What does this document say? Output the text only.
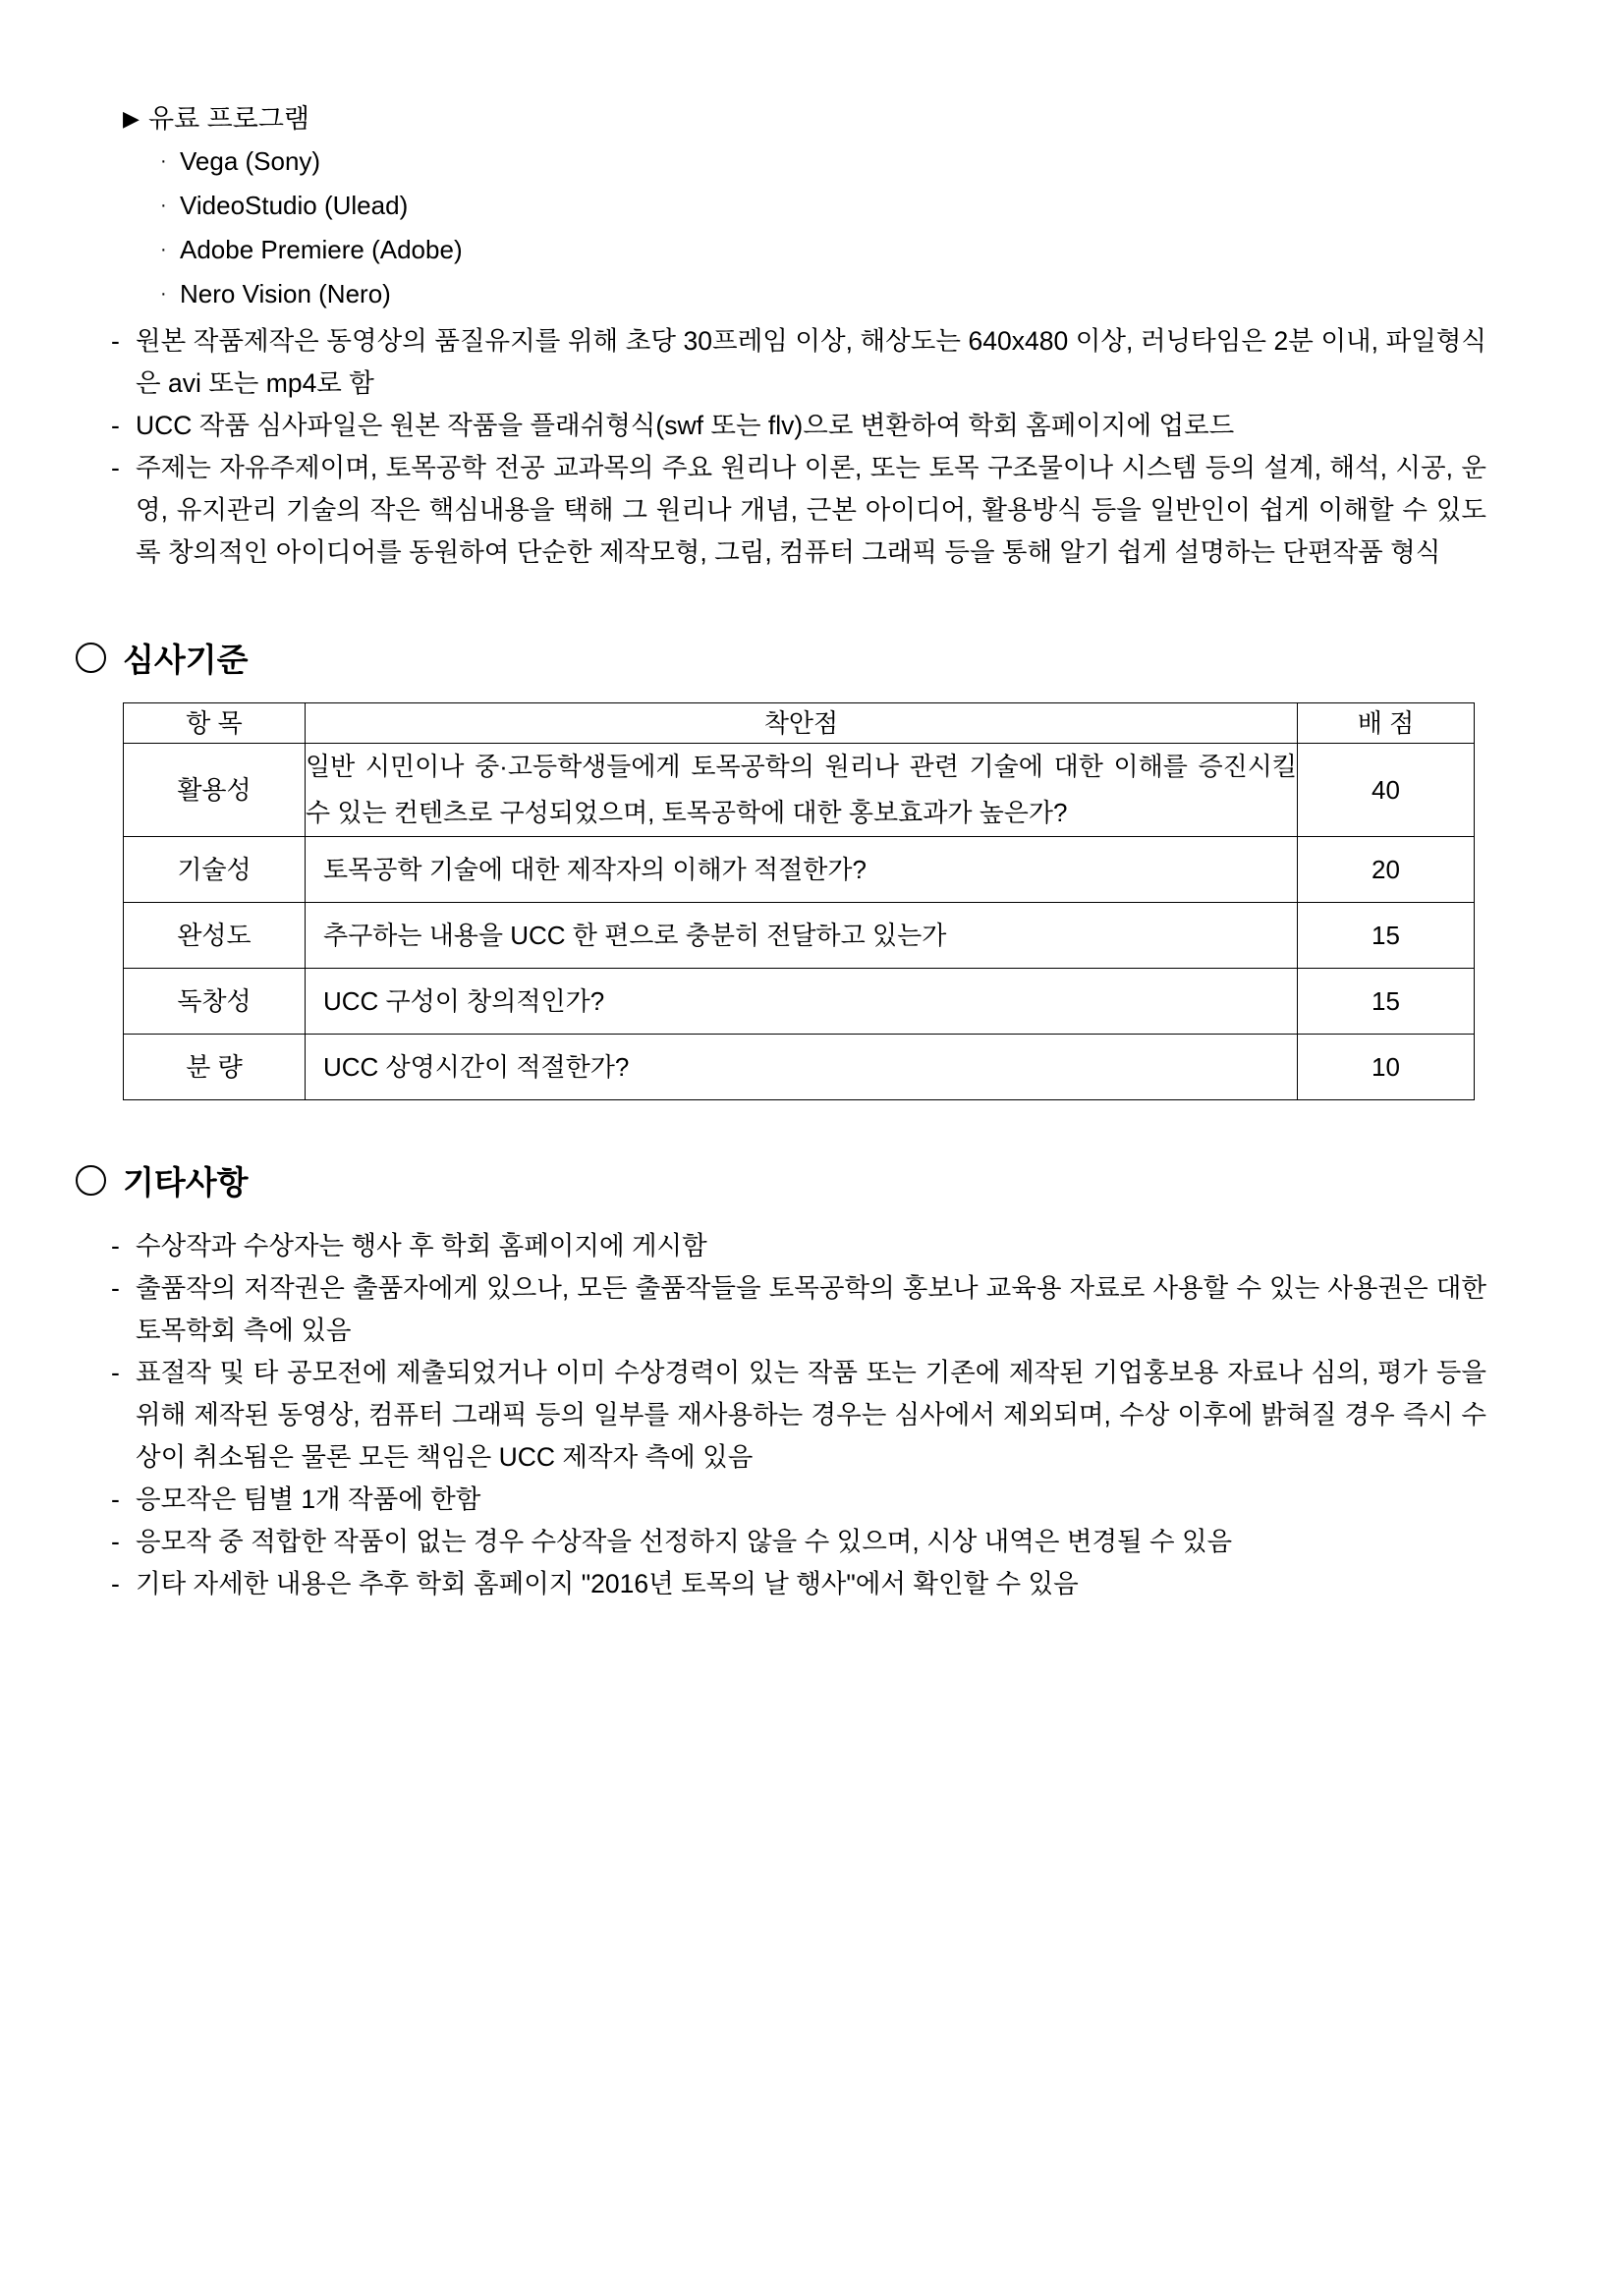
▶ 유료 프로그램
· Vega (Sony)
· VideoStudio (Ulead)
· Adobe Premiere (Adobe)
· Nero Vision (Nero)
- 원본 작품제작은 동영상의 품질유지를 위해 초당 30프레임 이상, 해상도는 640x480 이상, 러닝타임은 2분 이내, 파일형식은 avi 또는 mp4로 함
- UCC 작품 심사파일은 원본 작품을 플래쉬형식(swf 또는 flv)으로 변환하여 학회 홈페이지에 업로드
- 주제는 자유주제이며, 토목공학 전공 교과목의 주요 원리나 이론, 또는 토목 구조물이나 시스템 등의 설계, 해석, 시공, 운영, 유지관리 기술의 작은 핵심내용을 택해 그 원리나 개념, 근본 아이디어, 활용방식 등을 일반인이 쉽게 이해할 수 있도록 창의적인 아이디어를 동원하여 단순한 제작모형, 그림, 컴퓨터 그래픽 등을 통해 알기 쉽게 설명하는 단편작품 형식
심사기준
항 목	착안점	배 점
활용성	일반 시민이나 중·고등학생들에게 토목공학의 원리나 관련 기술에 대한 이해를 증진시킬 수 있는 컨텐츠로 구성되었으며, 토목공학에 대한 홍보효과가 높은가?	40
기술성	토목공학 기술에 대한 제작자의 이해가 적절한가?	20
완성도	추구하는 내용을 UCC 한 편으로 충분히 전달하고 있는가	15
독창성	UCC 구성이 창의적인가?	15
분 량	UCC 상영시간이 적절한가?	10
기타사항
- 수상작과 수상자는 행사 후 학회 홈페이지에 게시함
- 출품작의 저작권은 출품자에게 있으나, 모든 출품작들을 토목공학의 홍보나 교육용 자료로 사용할 수 있는 사용권은 대한토목학회 측에 있음
- 표절작 및 타 공모전에 제출되었거나 이미 수상경력이 있는 작품 또는 기존에 제작된 기업홍보용 자료나 심의, 평가 등을 위해 제작된 동영상, 컴퓨터 그래픽 등의 일부를 재사용하는 경우는 심사에서 제외되며, 수상 이후에 밝혀질 경우 즉시 수상이 취소됨은 물론 모든 책임은 UCC 제작자 측에 있음
- 응모작은 팀별 1개 작품에 한함
- 응모작 중 적합한 작품이 없는 경우 수상작을 선정하지 않을 수 있으며, 시상 내역은 변경될 수 있음
- 기타 자세한 내용은 추후 학회 홈페이지 "2016년 토목의 날 행사"에서 확인할 수 있음
